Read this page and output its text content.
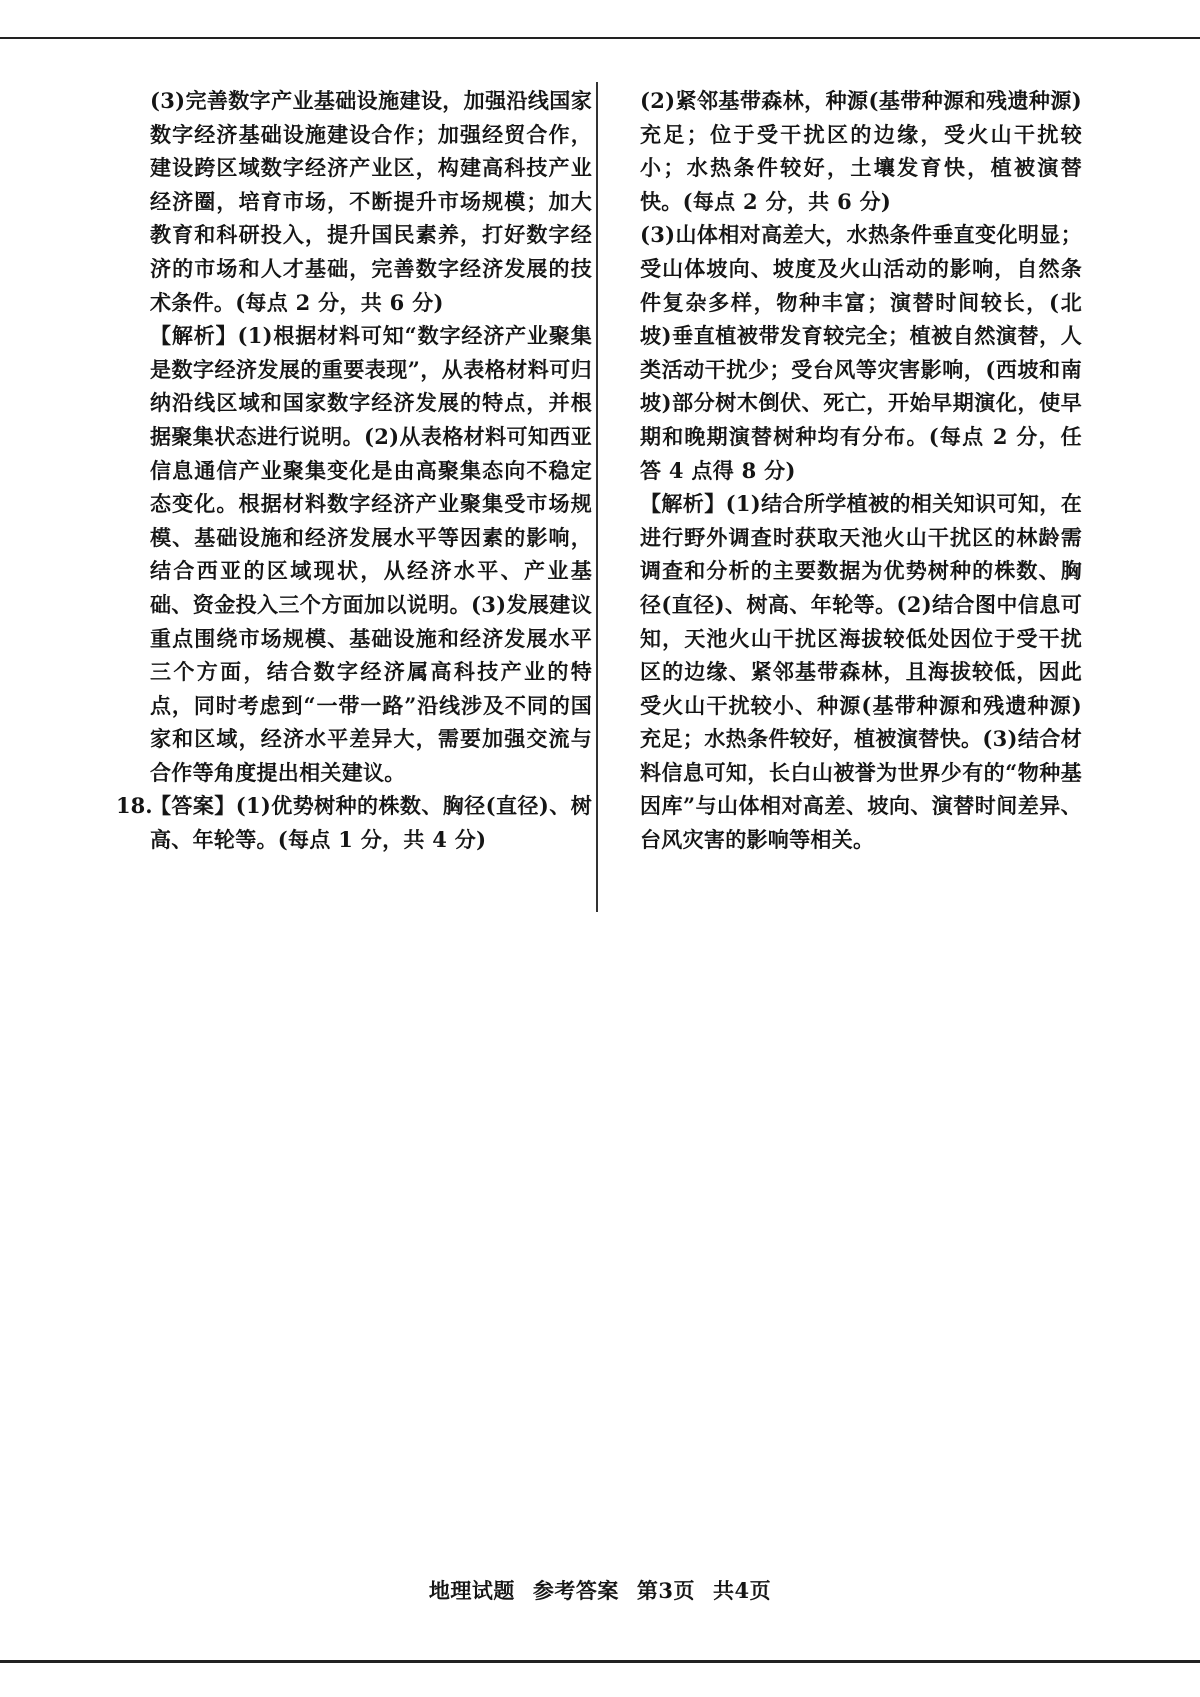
(3)完善数字产业基础设施建设，加强沿线国家数字经济基础设施建设合作；加强经贸合作，建设跨区域数字经济产业区，构建高科技产业经济圈，培育市场，不断提升市场规模；加大教育和科研投入，提升国民素养，打好数字经济的市场和人才基础，完善数字经济发展的技术条件。(每点 2 分，共 6 分)

【解析】(1)根据材料可知“数字经济产业聚集是数字经济发展的重要表现”，从表格材料可归纳沿线区域和国家数字经济发展的特点，并根据聚集状态进行说明。(2)从表格材料可知西亚信息通信产业聚集变化是由高聚集态向不稳定态变化。根据材料数字经济产业聚集受市场规模、基础设施和经济发展水平等因素的影响，结合西亚的区域现状，从经济水平、产业基础、资金投入三个方面加以说明。(3)发展建议重点围绕市场规模、基础设施和经济发展水平三个方面，结合数字经济属高科技产业的特点，同时考虑到“一带一路”沿线涉及不同的国家和区域，经济水平差异大，需要加强交流与合作等角度提出相关建议。

18.

【答案】(1)优势树种的株数、胸径(直径)、树高、年轮等。(每点 1 分，共 4 分)

(2)紧邻基带森林，种源(基带种源和残遗种源)充足；位于受干扰区的边缘，受火山干扰较小；水热条件较好，土壤发育快，植被演替快。(每点 2 分，共 6 分)

(3)山体相对高差大，水热条件垂直变化明显；受山体坡向、坡度及火山活动的影响，自然条件复杂多样，物种丰富；演替时间较长，(北坡)垂直植被带发育较完全；植被自然演替，人类活动干扰少；受台风等灾害影响，(西坡和南坡)部分树木倒伏、死亡，开始早期演化，使早期和晚期演替树种均有分布。(每点 2 分，任答 4 点得 8 分)

【解析】(1)结合所学植被的相关知识可知，在进行野外调查时获取天池火山干扰区的林龄需调查和分析的主要数据为优势树种的株数、胸径(直径)、树高、年轮等。(2)结合图中信息可知，天池火山干扰区海拔较低处因位于受干扰区的边缘、紧邻基带森林，且海拔较低，因此受火山干扰较小、种源(基带种源和残遗种源)充足；水热条件较好，植被演替快。(3)结合材料信息可知，长白山被誉为世界少有的“物种基因库”与山体相对高差、坡向、演替时间差异、台风灾害的影响等相关。

地理试题 参考答案 第3页 共4页
